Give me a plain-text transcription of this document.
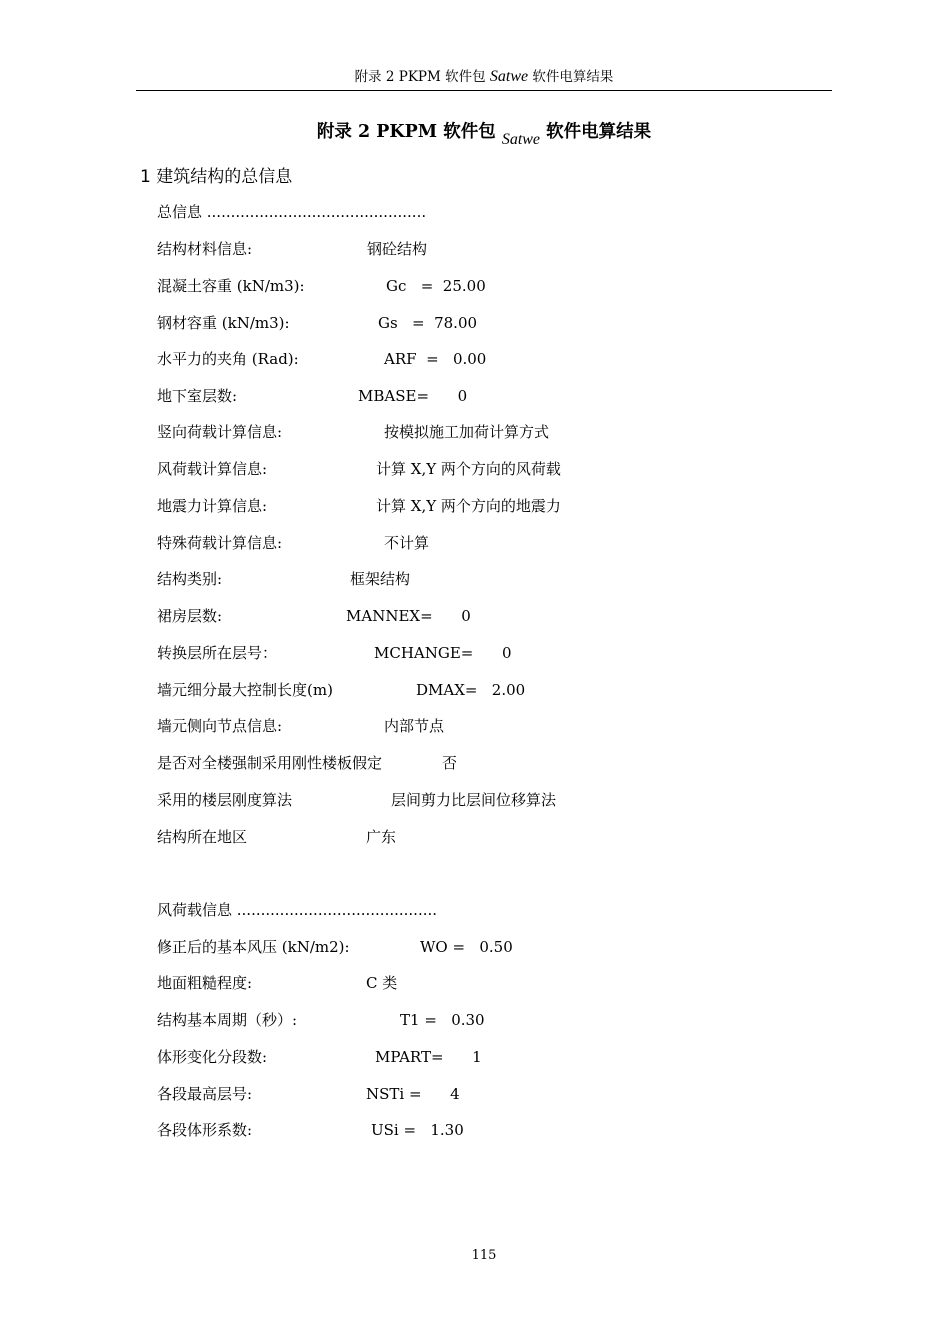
附录 2 PKPM 软件包 Satwe 软件电算结果
附录 2 PKPM 软件包 Satwe 软件电算结果
1 建筑结构的总信息

总信息 ..............................................

结构材料信息:

	钢砼结构

混凝土容重 (kN/m3):

	Gc   =  25.00

钢材容重 (kN/m3):

	Gs   =  78.00

水平力的夹角 (Rad):

	ARF  =   0.00

地下室层数:

	MBASE=      0

竖向荷载计算信息:

	按模拟施工加荷计算方式

风荷载计算信息:

	计算 X,Y 两个方向的风荷载

地震力计算信息:

	计算 X,Y 两个方向的地震力

特殊荷载计算信息:

	不计算

结构类别:

	框架结构

裙房层数:

	MANNEX=      0

转换层所在层号：

	MCHANGE=      0

墙元细分最大控制长度(m)

	DMAX=   2.00

墙元侧向节点信息:

	内部节点

是否对全楼强制采用刚性楼板假定

	否

采用的楼层刚度算法

	层间剪力比层间位移算法

结构所在地区

	广东

风荷载信息 ..........................................

修正后的基本风压 (kN/m2):

	WO =   0.50

地面粗糙程度:

	C 类

结构基本周期（秒）:

	T1 =   0.30

体形变化分段数:

	MPART=      1

各段最高层号:

	NSTi =      4

各段体形系数:

	USi =   1.30

115
